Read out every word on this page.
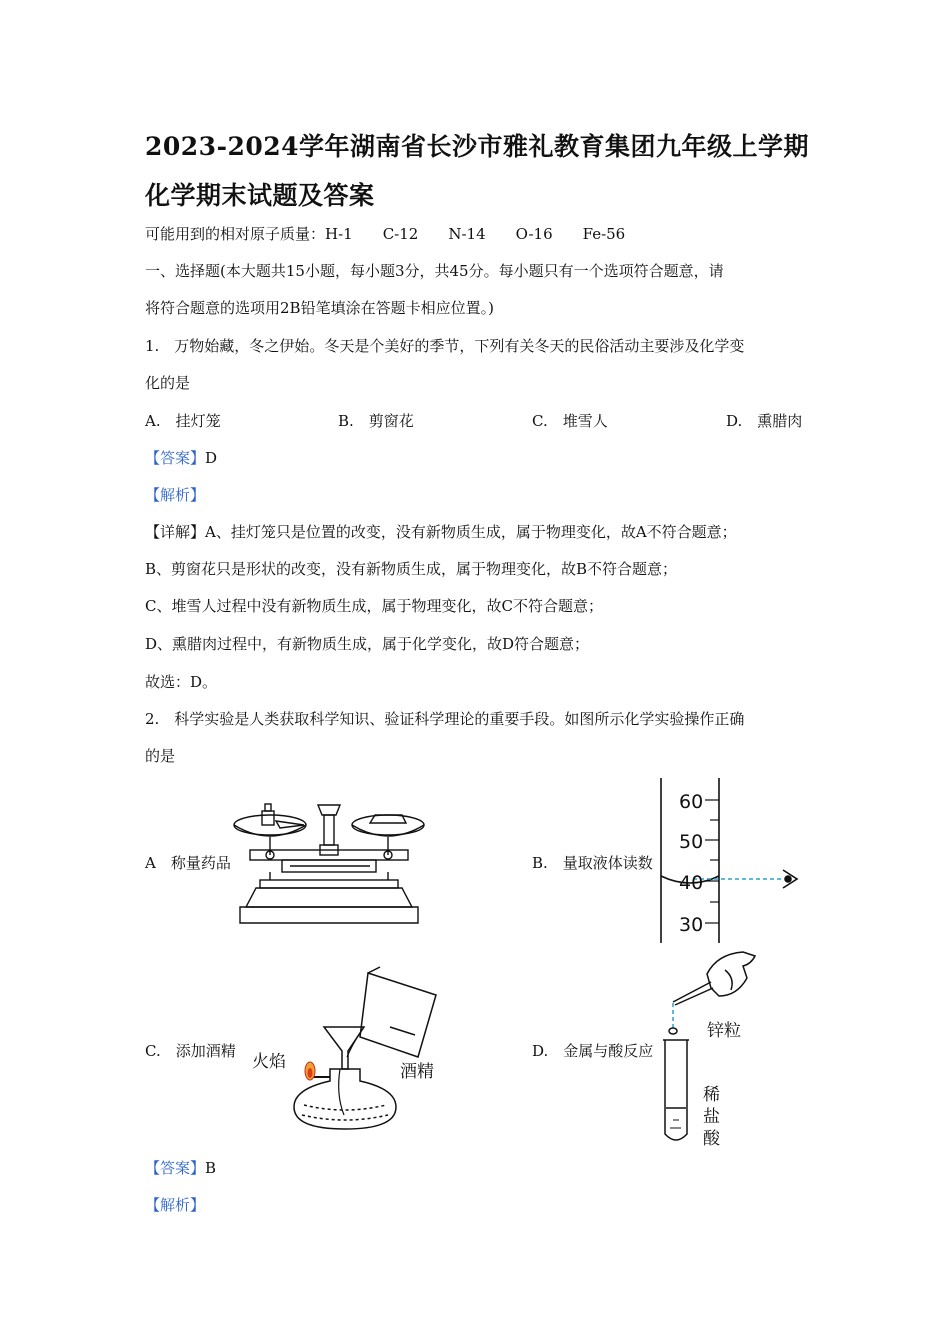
2023-2024学年湖南省长沙市雅礼教育集团九年级上学期化学期末试题及答案
可能用到的相对原子质量：H-1　　C-12　　N-14　　O-16　　Fe-56
一、选择题(本大题共15小题，每小题3分，共45分。每小题只有一个选项符合题意，请
将符合题意的选项用2B铅笔填涂在答题卡相应位置。)
1.　万物始藏，冬之伊始。冬天是个美好的季节，下列有关冬天的民俗活动主要涉及化学变
化的是
A.　挂灯笼	B.　剪窗花	C.　堆雪人	D.　熏腊肉
【答案】D
【解析】
【详解】A、挂灯笼只是位置的改变，没有新物质生成，属于物理变化，故A不符合题意；
B、剪窗花只是形状的改变，没有新物质生成，属于物理变化，故B不符合题意；
C、堆雪人过程中没有新物质生成，属于物理变化，故C不符合题意；
D、熏腊肉过程中，有新物质生成，属于化学变化，故D符合题意；
故选：D。
2.　科学实验是人类获取科学知识、验证科学理论的重要手段。如图所示化学实验操作正确
的是
A　称量药品	B.　量取液体读数
60
50
40
30
C.　添加酒精
火焰	酒精
D.　金属与酸反应
锌粒
稀
盐
酸
【答案】B
【解析】
